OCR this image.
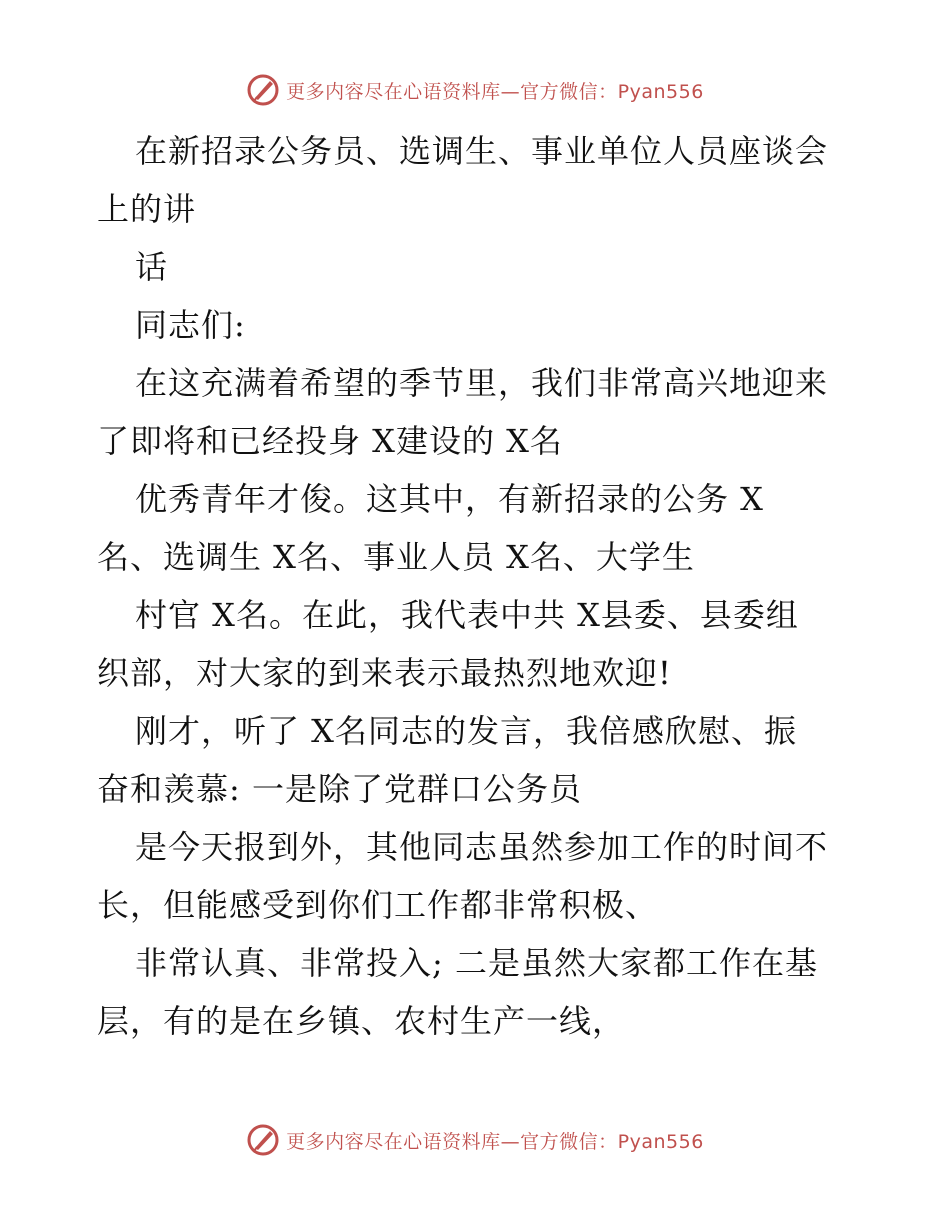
更多内容尽在心语资料库—官方微信：Pyan556
在新招录公务员、选调生、事业单位人员座谈会
上的讲
话
同志们:
在这充满着希望的季节里，我们非常高兴地迎来
了即将和已经投身 X建设的 X名
优秀青年才俊。这其中，有新招录的公务 X
名、选调生 X名、事业人员 X名、大学生
村官 X名。在此，我代表中共 X县委、县委组
织部，对大家的到来表示最热烈地欢迎!
刚才，听了 X名同志的发言，我倍感欣慰、振
奋和羡慕: 一是除了党群口公务员
是今天报到外，其他同志虽然参加工作的时间不
长，但能感受到你们工作都非常积极、
非常认真、非常投入; 二是虽然大家都工作在基
层，有的是在乡镇、农村生产一线，
更多内容尽在心语资料库—官方微信：Pyan556
